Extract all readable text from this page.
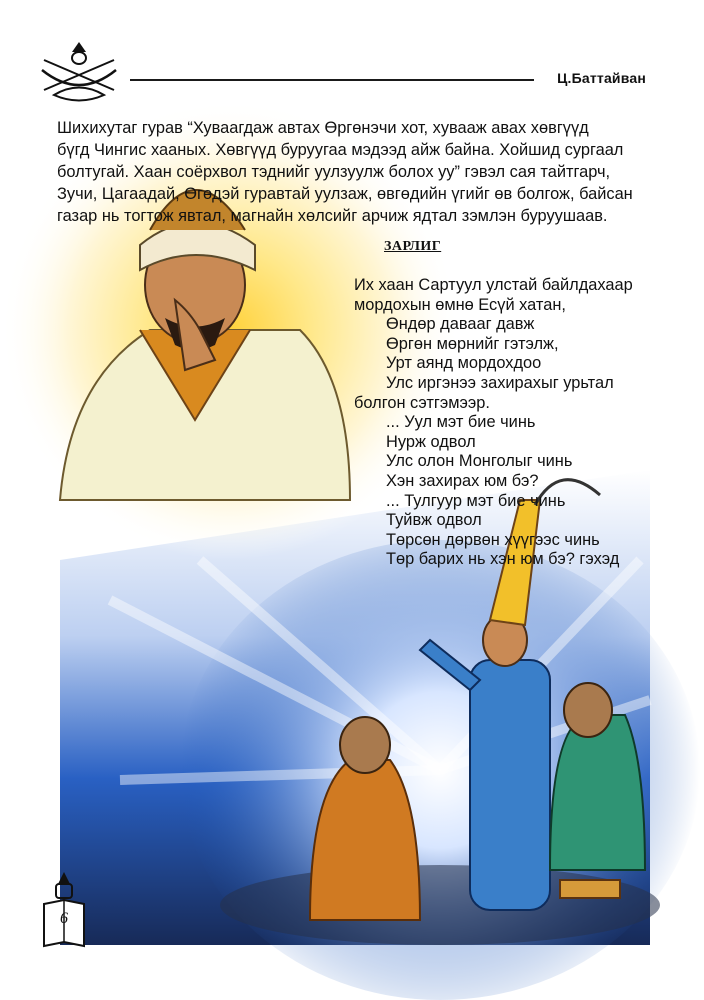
Ц.Баттайван
Шихихутаг гурав “Хуваагдаж автах Өргөнэчи хот, хувааж авах хөвгүүд
бүгд Чингис хааных. Хөвгүүд буруугаа мэдээд айж байна. Хойшид сургаал
болтугай. Хаан соёрхвол тэднийг уулзуулж болох уу” гэвэл сая тайтгарч,
Зучи, Цагаадай, Өгөдэй гуравтай уулзаж, өвгөдийн үгийг өв болгож, байсан
газар нь тогтож явтал, магнайн хөлсийг арчиж ядтал зэмлэн буруушаав.
ЗАРЛИГ
Их хаан Сартуул улстай байлдахаар
мордохын өмнө Есүй хатан,
Өндөр давааг давж
Өргөн мөрнийг гэтэлж,
Урт аянд мордохдоо
Улс иргэнээ захирахыг урьтал
болгон сэтгэмээр.
... Уул мэт бие чинь
Нурж одвол
Улс олон Монголыг чинь
Хэн захирах юм бэ?
... Тулгуур мэт бие чинь
Туйвж одвол
Төрсөн дөрвөн хүүгээс чинь
Төр барих нь хэн юм бэ? гэхэд
6
